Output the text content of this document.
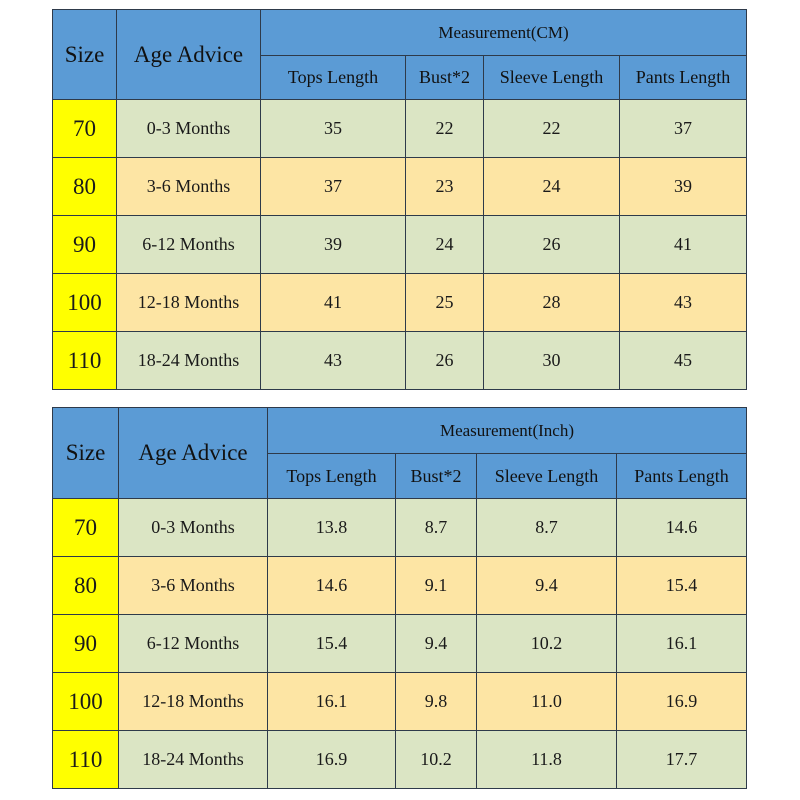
Size	Age Advice	Measurement(CM)			
		Tops Length	Bust*2	Sleeve Length	Pants Length
70	0-3 Months	35	22	22	37
80	3-6 Months	37	23	24	39
90	6-12 Months	39	24	26	41
100	12-18 Months	41	25	28	43
110	18-24 Months	43	26	30	45
Size	Age Advice	Measurement(Inch)			
		Tops Length	Bust*2	Sleeve Length	Pants Length
70	0-3 Months	13.8	8.7	8.7	14.6
80	3-6 Months	14.6	9.1	9.4	15.4
90	6-12 Months	15.4	9.4	10.2	16.1
100	12-18 Months	16.1	9.8	11.0	16.9
110	18-24 Months	16.9	10.2	11.8	17.7
